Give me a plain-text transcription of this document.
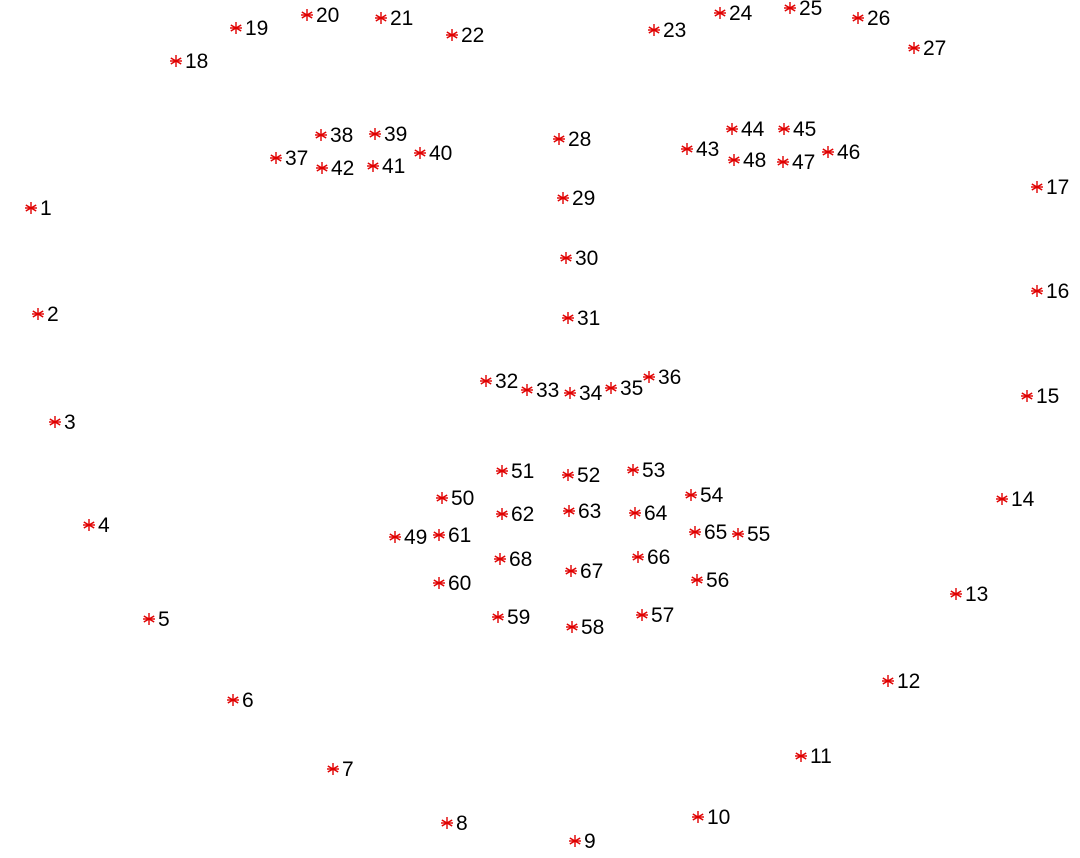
1
2
3
4
5
6
7
8
9
10
11
12
13
14
15
16
17
18
19
20 21
22	23
24 25 26
27
28
29
30
31
32 33 34 35 36
37
38 39
40
41
42
43
44 45
46
47
48
49
50
51 52 53
54
55
56
57
58
59
60
61
62 63 64
65
66
67
68
